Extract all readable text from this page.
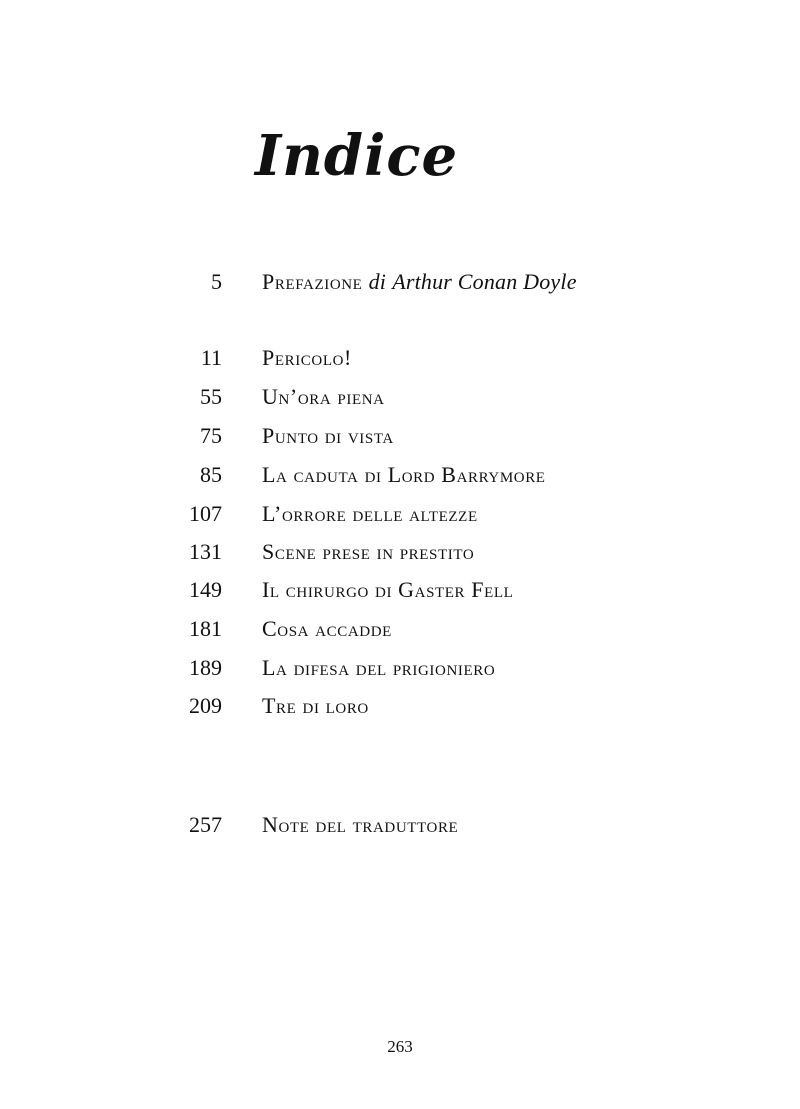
Indice
5 Prefazione di Arthur Conan Doyle
11 Pericolo!
55 Un’ora piena
75 Punto di vista
85 La caduta di Lord Barrymore
107 L’orrore delle altezze
131 Scene prese in prestito
149 Il chirurgo di Gaster Fell
181 Cosa accadde
189 La difesa del prigioniero
209 Tre di loro
257 Note del traduttore
263
